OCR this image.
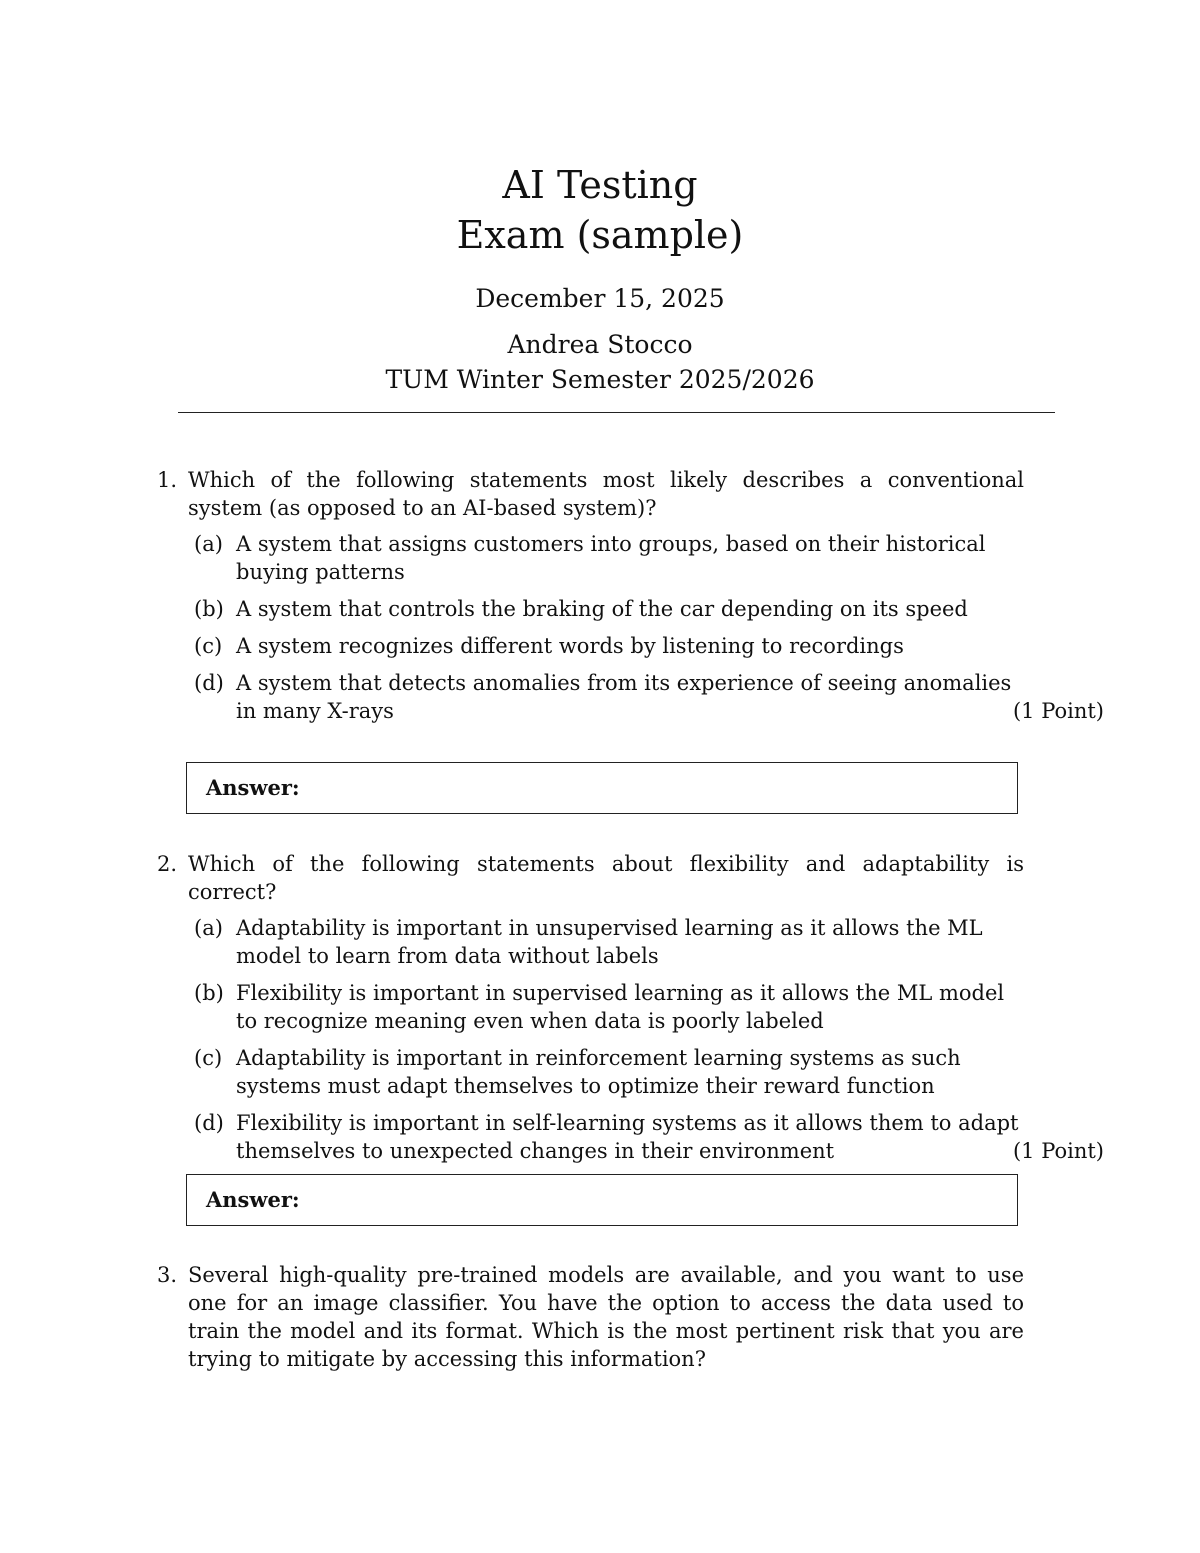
AI Testing
Exam (sample)
December 15, 2025
Andrea Stocco
TUM Winter Semester 2025/2026
1. Which of the following statements most likely describes a conventional system (as opposed to an AI-based system)?
(a) A system that assigns customers into groups, based on their historical buying patterns
(b) A system that controls the braking of the car depending on its speed
(c) A system recognizes different words by listening to recordings
(d) A system that detects anomalies from its experience of seeing anomalies in many X-rays	(1 Point)
Answer:
2. Which of the following statements about flexibility and adaptability is correct?
(a) Adaptability is important in unsupervised learning as it allows the ML model to learn from data without labels
(b) Flexibility is important in supervised learning as it allows the ML model to recognize meaning even when data is poorly labeled
(c) Adaptability is important in reinforcement learning systems as such systems must adapt themselves to optimize their reward function
(d) Flexibility is important in self-learning systems as it allows them to adapt themselves to unexpected changes in their environment	(1 Point)
Answer:
3. Several high-quality pre-trained models are available, and you want to use one for an image classifier. You have the option to access the data used to train the model and its format. Which is the most pertinent risk that you are trying to mitigate by accessing this information?
